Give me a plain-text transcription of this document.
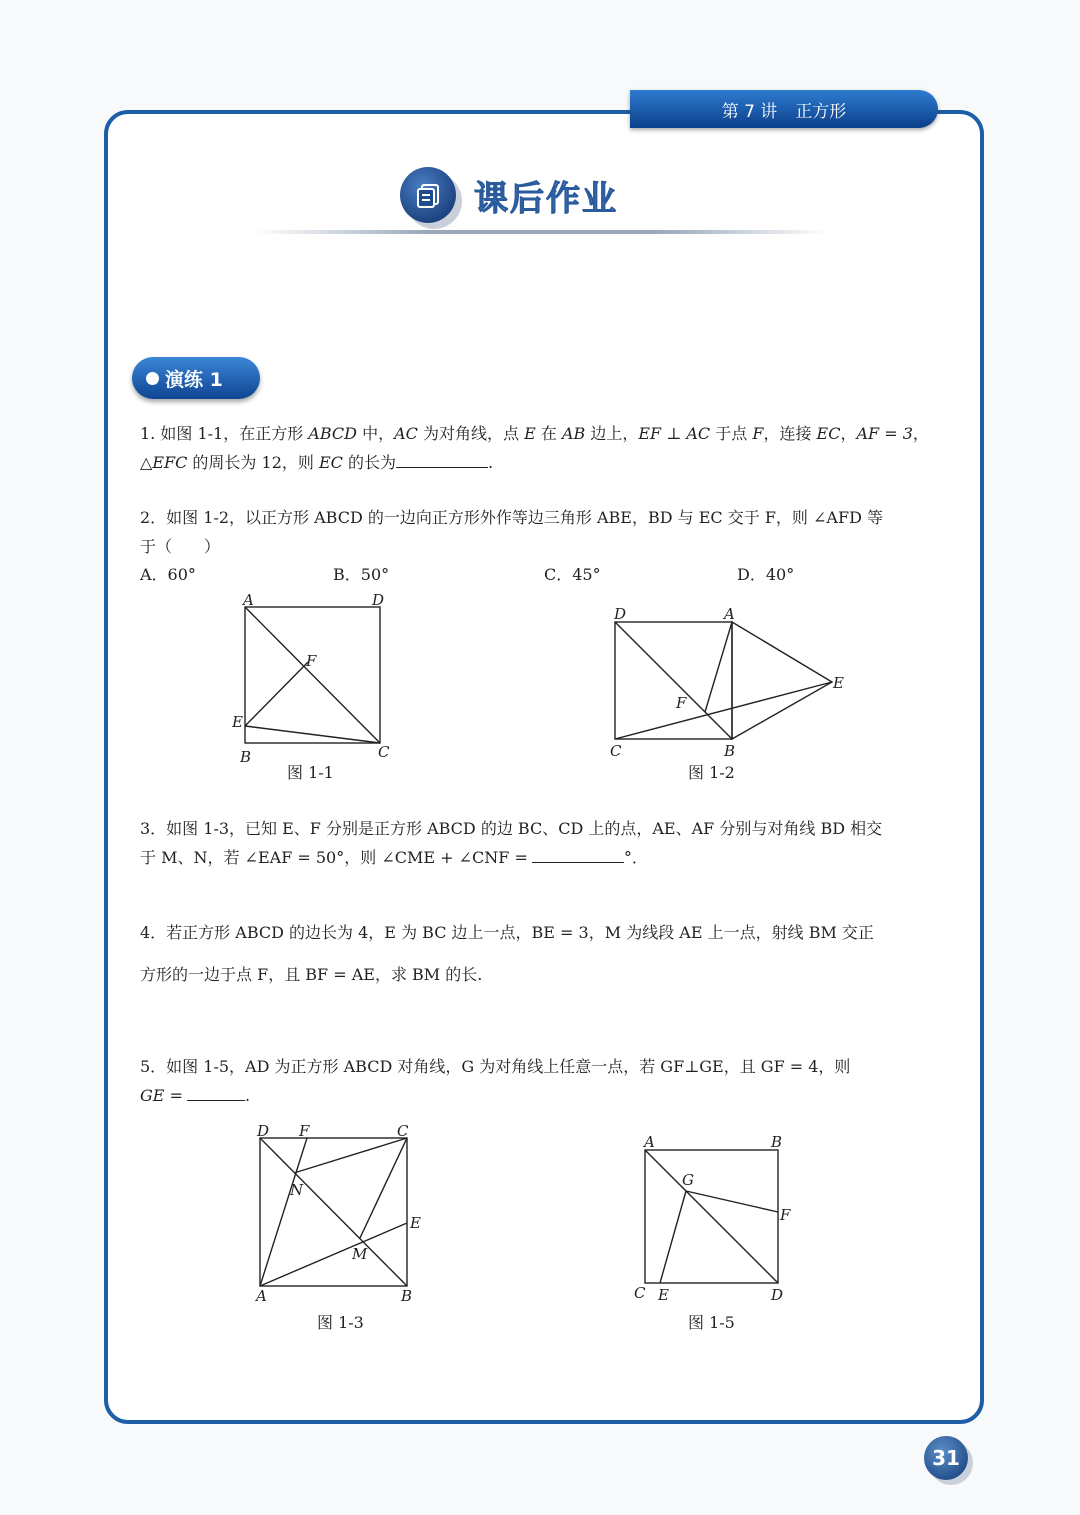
第 7 讲 正方形
课后作业
演练 1
1. 如图 1-1，在正方形 ABCD 中，AC 为对角线，点 E 在 AB 边上，EF ⊥ AC 于点 F，连接 EC，AF = 3，
△EFC 的周长为 12，则 EC 的长为	.
2．如图 1-2，以正方形 ABCD 的一边向正方形外作等边三角形 ABE，BD 与 EC 交于 F，则 ∠AFD 等
于（　　）
A．60°	B．50°	C．45°	D．40°
A	D
F
E
B	C
图 1-1
D	A
E
F
C	B
图 1-2
3．如图 1-3，已知 E、F 分别是正方形 ABCD 的边 BC、CD 上的点，AE、AF 分别与对角线 BD 相交
于 M、N，若 ∠EAF = 50°，则 ∠CME + ∠CNF =	°．
4．若正方形 ABCD 的边长为 4，E 为 BC 边上一点，BE = 3，M 为线段 AE 上一点，射线 BM 交正
方形的一边于点 F，且 BF = AE，求 BM 的长.
5．如图 1-5，AD 为正方形 ABCD 对角线，G 为对角线上任意一点，若 GF⊥GE，且 GF = 4，则
GE =	.
D F	C
N
E
M
A	B
图 1-3
A	B
G
F
C E	D
图 1-5
31
